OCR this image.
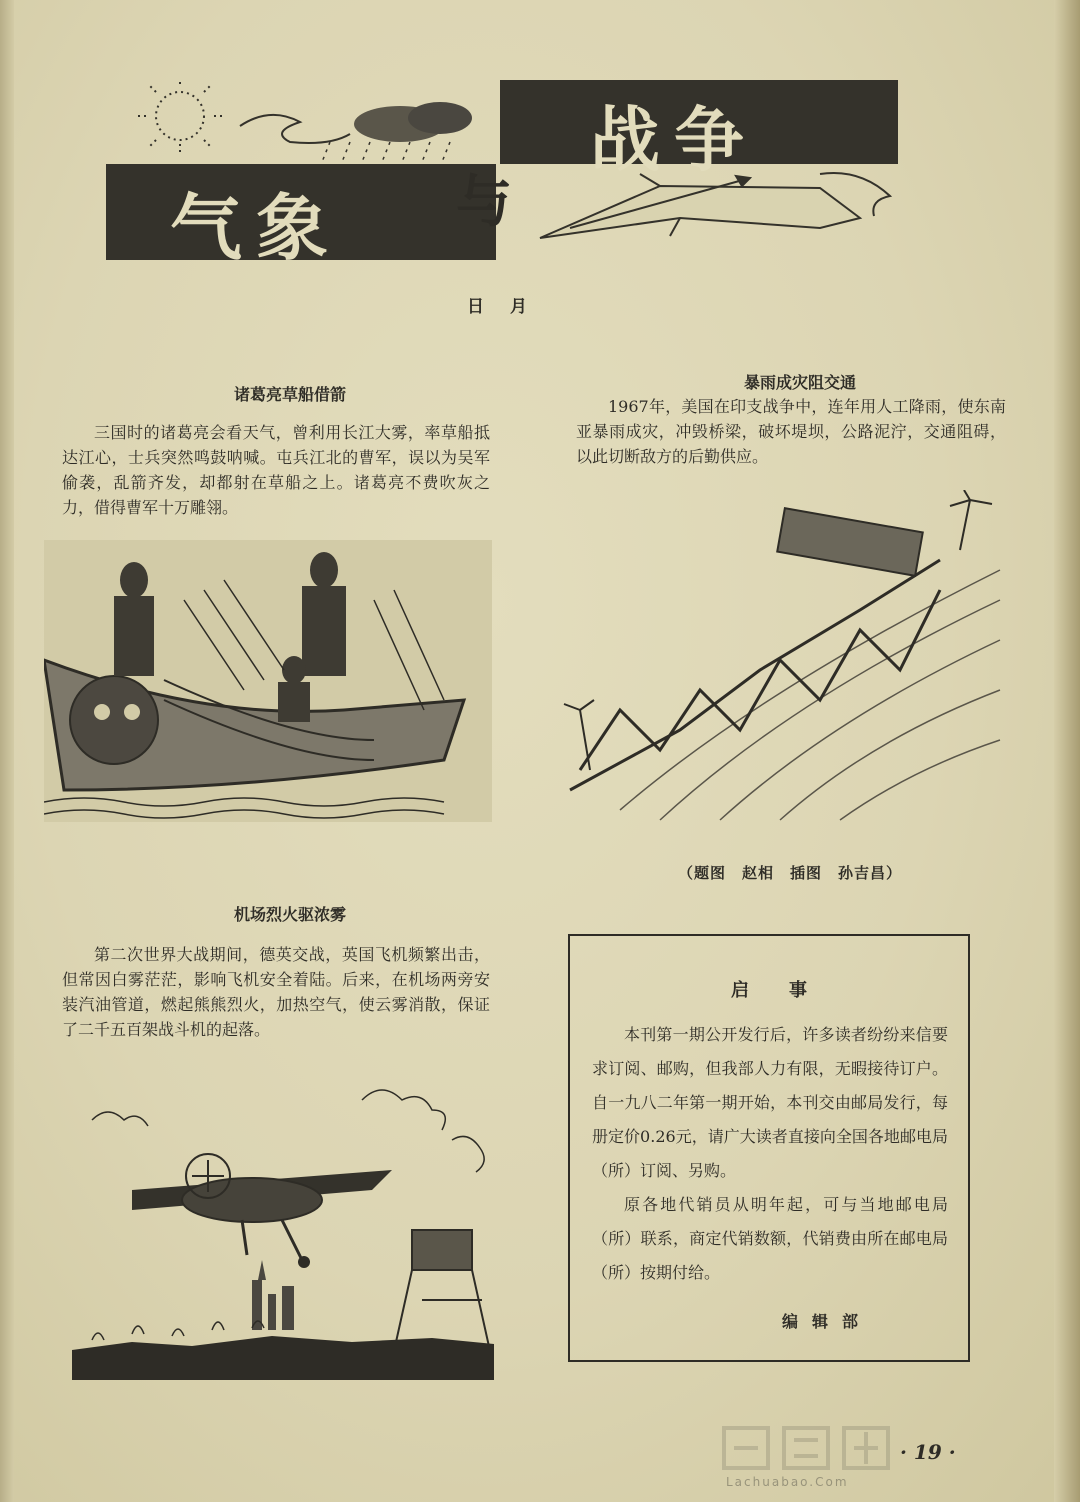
气象 与
战争
日月
诸葛亮草船借箭

三国时的诸葛亮会看天气，曾利用长江大雾，率草船抵达江心，士兵突然鸣鼓呐喊。屯兵江北的曹军，误以为吴军偷袭，乱箭齐发，却都射在草船之上。诸葛亮不费吹灰之力，借得曹军十万雕翎。

暴雨成灾阻交通

1967年，美国在印支战争中，连年用人工降雨，使东南亚暴雨成灾，冲毁桥梁，破坏堤坝，公路泥泞，交通阻碍，以此切断敌方的后勤供应。

（题图　赵相　插图　孙吉昌）
机场烈火驱浓雾

第二次世界大战期间，德英交战，英国飞机频繁出击，但常因白雾茫茫，影响飞机安全着陆。后来，在机场两旁安装汽油管道，燃起熊熊烈火，加热空气，使云雾消散，保证了二千五百架战斗机的起落。

启事

本刊第一期公开发行后，许多读者纷纷来信要求订阅、邮购，但我部人力有限，无暇接待订户。自一九八二年第一期开始，本刊交由邮局发行，每册定价0.26元，请广大读者直接向全国各地邮电局（所）订阅、另购。

原各地代销员从明年起，可与当地邮电局（所）联系，商定代销数额，代销费由所在邮电局（所）按期付给。

编辑部
Lachuabao.Com
· 19 ·
